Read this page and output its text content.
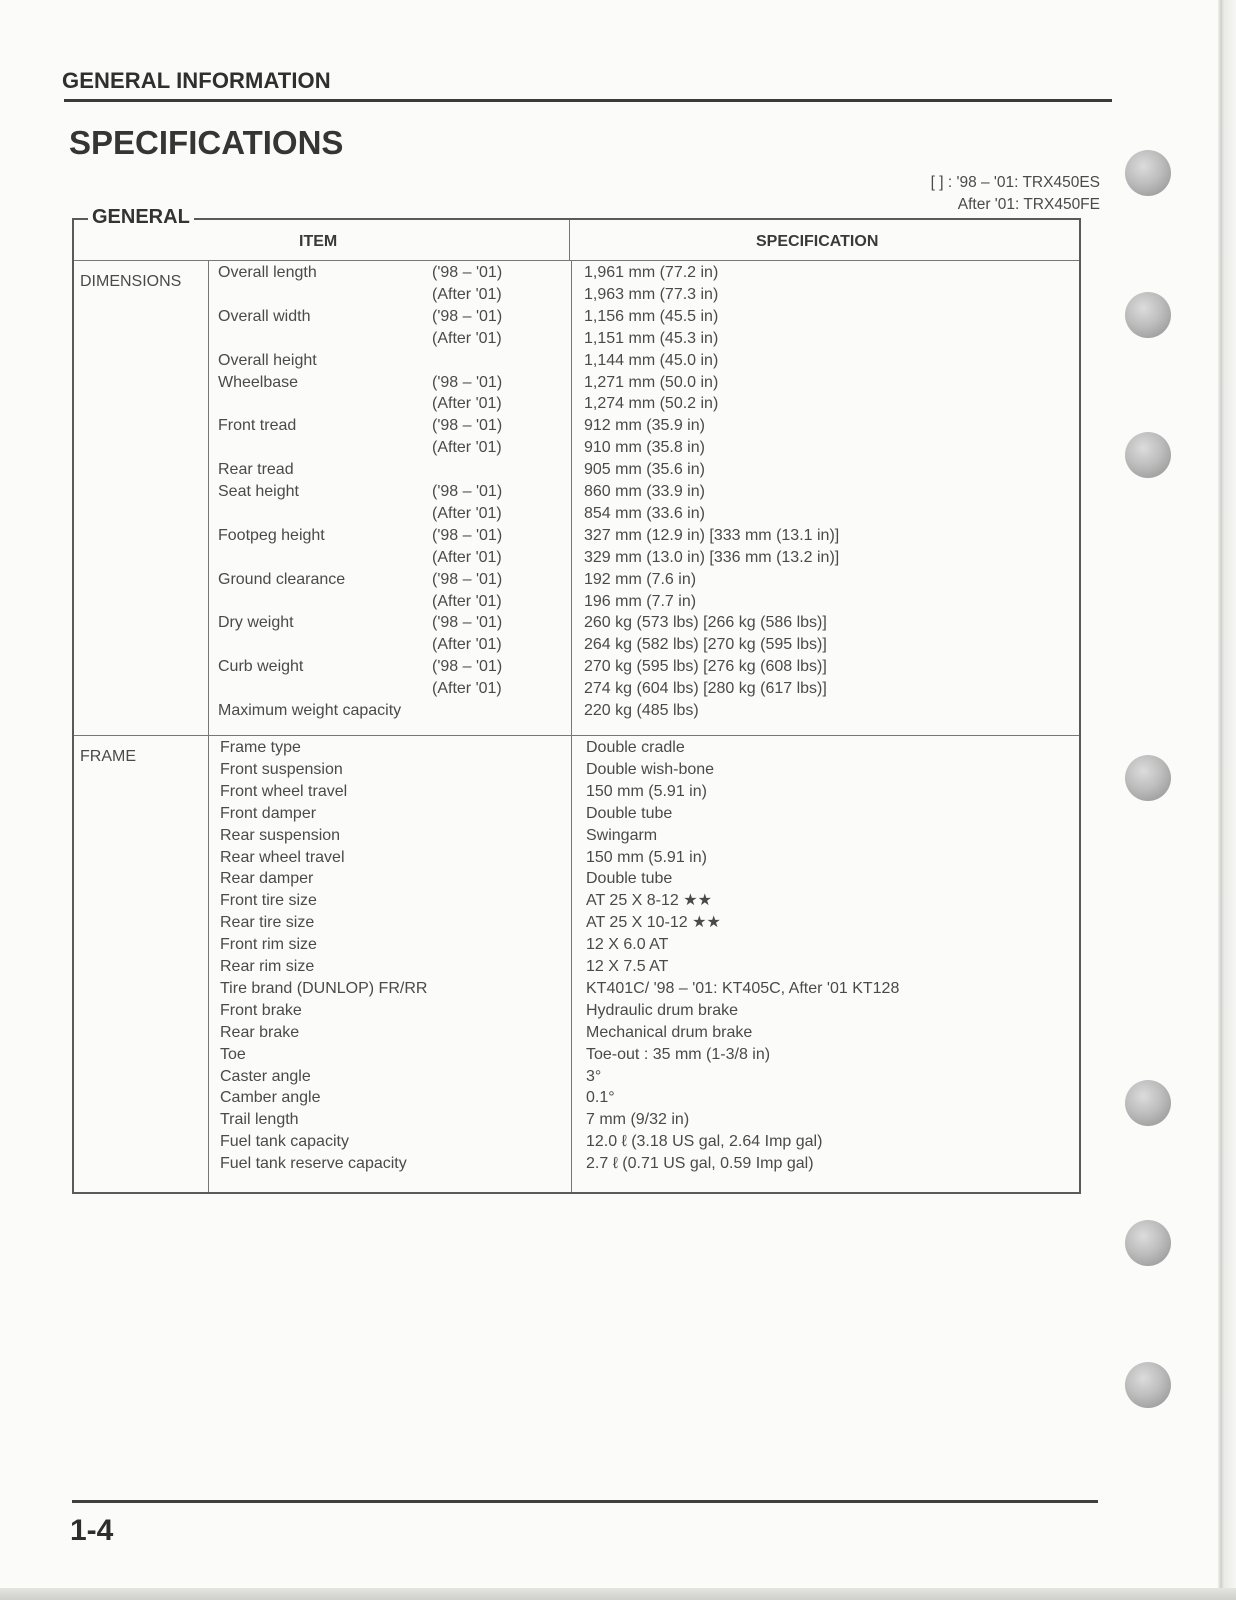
GENERAL INFORMATION
SPECIFICATIONS
[ ] : '98 – '01: TRX450ES
After '01: TRX450FE
GENERAL
ITEM	SPECIFICATION
DIMENSIONS
Overall length	('98 – '01)	1,961 mm (77.2 in)
(After '01)	1,963 mm (77.3 in)
Overall width	('98 – '01)	1,156 mm (45.5 in)
(After '01)	1,151 mm (45.3 in)
Overall height	1,144 mm (45.0 in)
Wheelbase	('98 – '01)	1,271 mm (50.0 in)
(After '01)	1,274 mm (50.2 in)
Front tread	('98 – '01)	912 mm (35.9 in)
(After '01)	910 mm (35.8 in)
Rear tread	905 mm (35.6 in)
Seat height	('98 – '01)	860 mm (33.9 in)
(After '01)	854 mm (33.6 in)
Footpeg height	('98 – '01)	327 mm (12.9 in) [333 mm (13.1 in)]
(After '01)	329 mm (13.0 in) [336 mm (13.2 in)]
Ground clearance	('98 – '01)	192 mm (7.6 in)
(After '01)	196 mm (7.7 in)
Dry weight	('98 – '01)	260 kg (573 lbs) [266 kg (586 lbs)]
(After '01)	264 kg (582 lbs) [270 kg (595 lbs)]
Curb weight	('98 – '01)	270 kg (595 lbs) [276 kg (608 lbs)]
(After '01)	274 kg (604 lbs) [280 kg (617 lbs)]
Maximum weight capacity	220 kg (485 lbs)
FRAME
Frame type	Double cradle
Front suspension	Double wish-bone
Front wheel travel	150 mm (5.91 in)
Front damper	Double tube
Rear suspension	Swingarm
Rear wheel travel	150 mm (5.91 in)
Rear damper	Double tube
Front tire size	AT 25 X 8-12 ★★
Rear tire size	AT 25 X 10-12 ★★
Front rim size	12 X 6.0 AT
Rear rim size	12 X 7.5 AT
Tire brand (DUNLOP) FR/RR	KT401C/ '98 – '01: KT405C, After '01 KT128
Front brake	Hydraulic drum brake
Rear brake	Mechanical drum brake
Toe	Toe-out : 35 mm (1-3/8 in)
Caster angle	3°
Camber angle	0.1°
Trail length	7 mm (9/32 in)
Fuel tank capacity	12.0 ℓ (3.18 US gal, 2.64 Imp gal)
Fuel tank reserve capacity	2.7 ℓ (0.71 US gal, 0.59 Imp gal)
1-4
